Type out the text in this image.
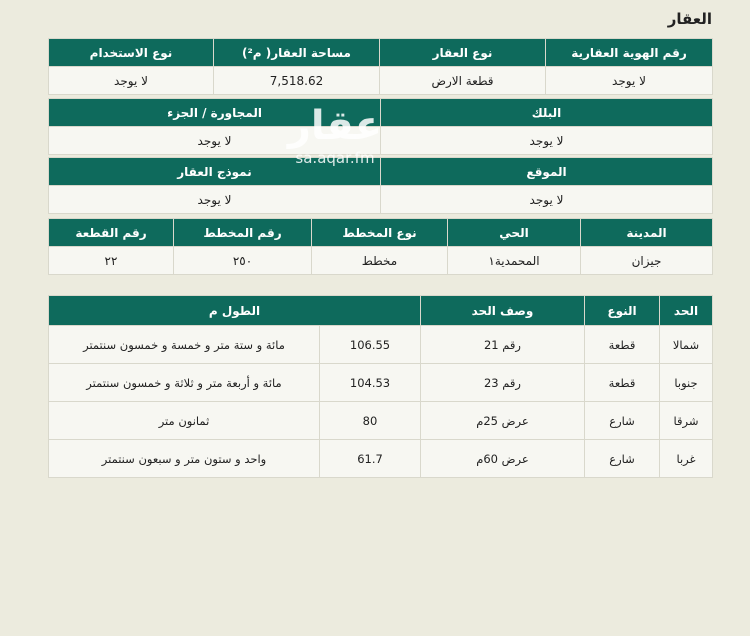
العقار
رقم الهوية العقارية	نوع العقار	مساحة العقار( م²)	نوع الاستخدام
لا يوجد	قطعة الارض	7,518.62	لا يوجد
البلك	المجاورة / الجزء
لا يوجد	لا يوجد
الموقع	نموذج العقار
لا يوجد	لا يوجد
المدينة	الحي	نوع المخطط	رقم المخطط	رقم القطعة
جيزان	المحمدية١	مخطط	٢٥٠	٢٢
الحد	النوع	وصف الحد	الطول م	
شمالا	قطعة	رقم 21	106.55	مائة و ستة متر و خمسة و خمسون سنتمتر
جنوبا	قطعة	رقم 23	104.53	مائة و أربعة متر و ثلاثة و خمسون سنتمتر
شرقا	شارع	عرض 25م	80	ثمانون متر
غربا	شارع	عرض 60م	61.7	واحد و ستون متر و سبعون سنتمتر
عقار
sa.aqar.fm
